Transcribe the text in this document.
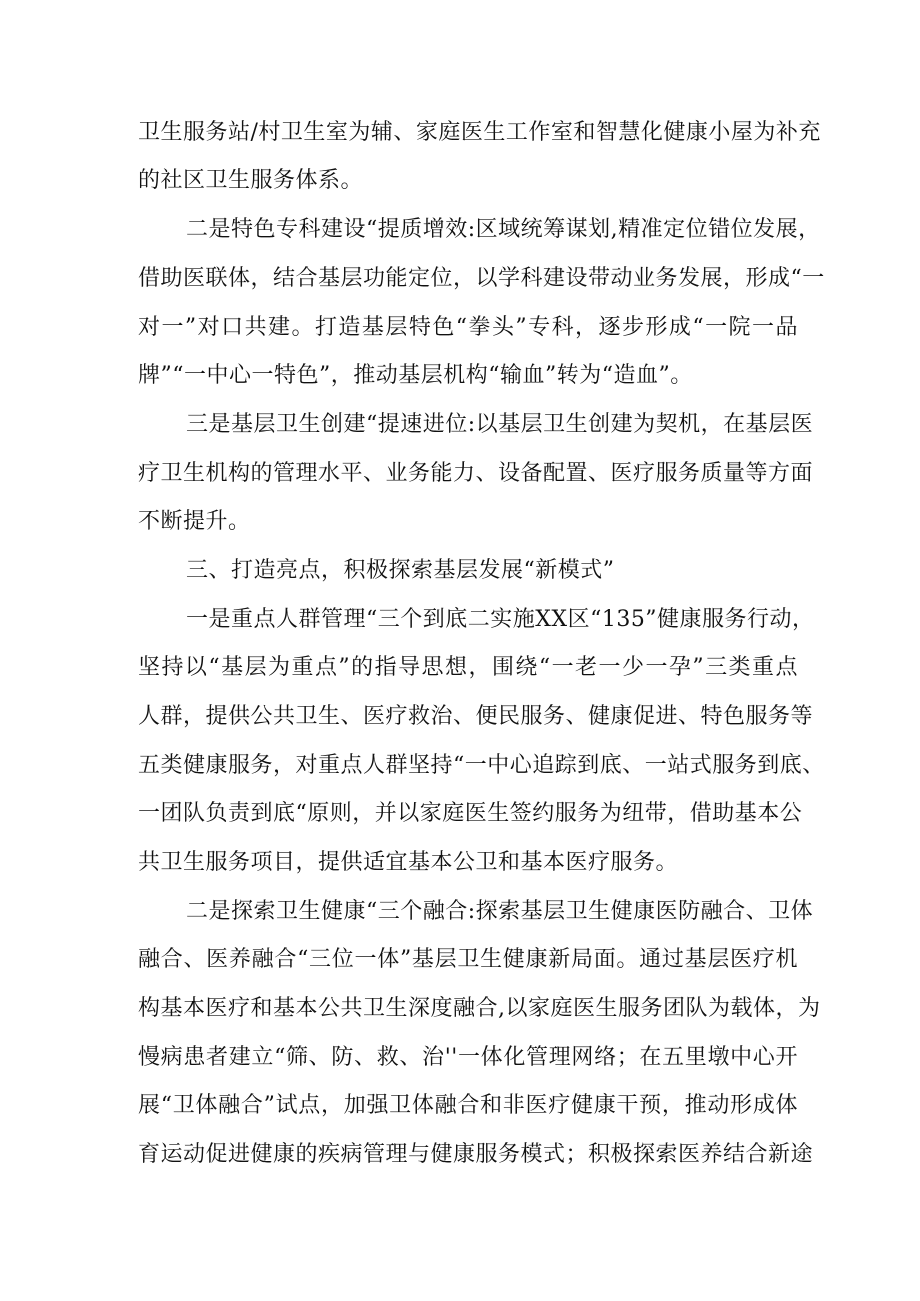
卫生服务站/村卫生室为辅、家庭医生工作室和智慧化健康小屋为补充
的社区卫生服务体系。
二是特色专科建设“提质增效:区域统筹谋划,精准定位错位发展，
借助医联体，结合基层功能定位，以学科建设带动业务发展，形成“一
对一”对口共建。打造基层特色“拳头”专科，逐步形成“一院一品
牌”“一中心一特色”，推动基层机构“输血”转为“造血”。
三是基层卫生创建“提速进位:以基层卫生创建为契机，在基层医
疗卫生机构的管理水平、业务能力、设备配置、医疗服务质量等方面
不断提升。
三、打造亮点，积极探索基层发展“新模式”
一是重点人群管理“三个到底二实施XX区“135”健康服务行动，
坚持以“基层为重点”的指导思想，围绕“一老一少一孕”三类重点
人群，提供公共卫生、医疗救治、便民服务、健康促进、特色服务等
五类健康服务，对重点人群坚持“一中心追踪到底、一站式服务到底、
一团队负责到底“原则，并以家庭医生签约服务为纽带，借助基本公
共卫生服务项目，提供适宜基本公卫和基本医疗服务。
二是探索卫生健康“三个融合:探索基层卫生健康医防融合、卫体
融合、医养融合“三位一体”基层卫生健康新局面。通过基层医疗机
构基本医疗和基本公共卫生深度融合,以家庭医生服务团队为载体，为
慢病患者建立“筛、防、救、治''一体化管理网络；在五里墩中心开
展“卫体融合”试点，加强卫体融合和非医疗健康干预，推动形成体
育运动促进健康的疾病管理与健康服务模式；积极探索医养结合新途
